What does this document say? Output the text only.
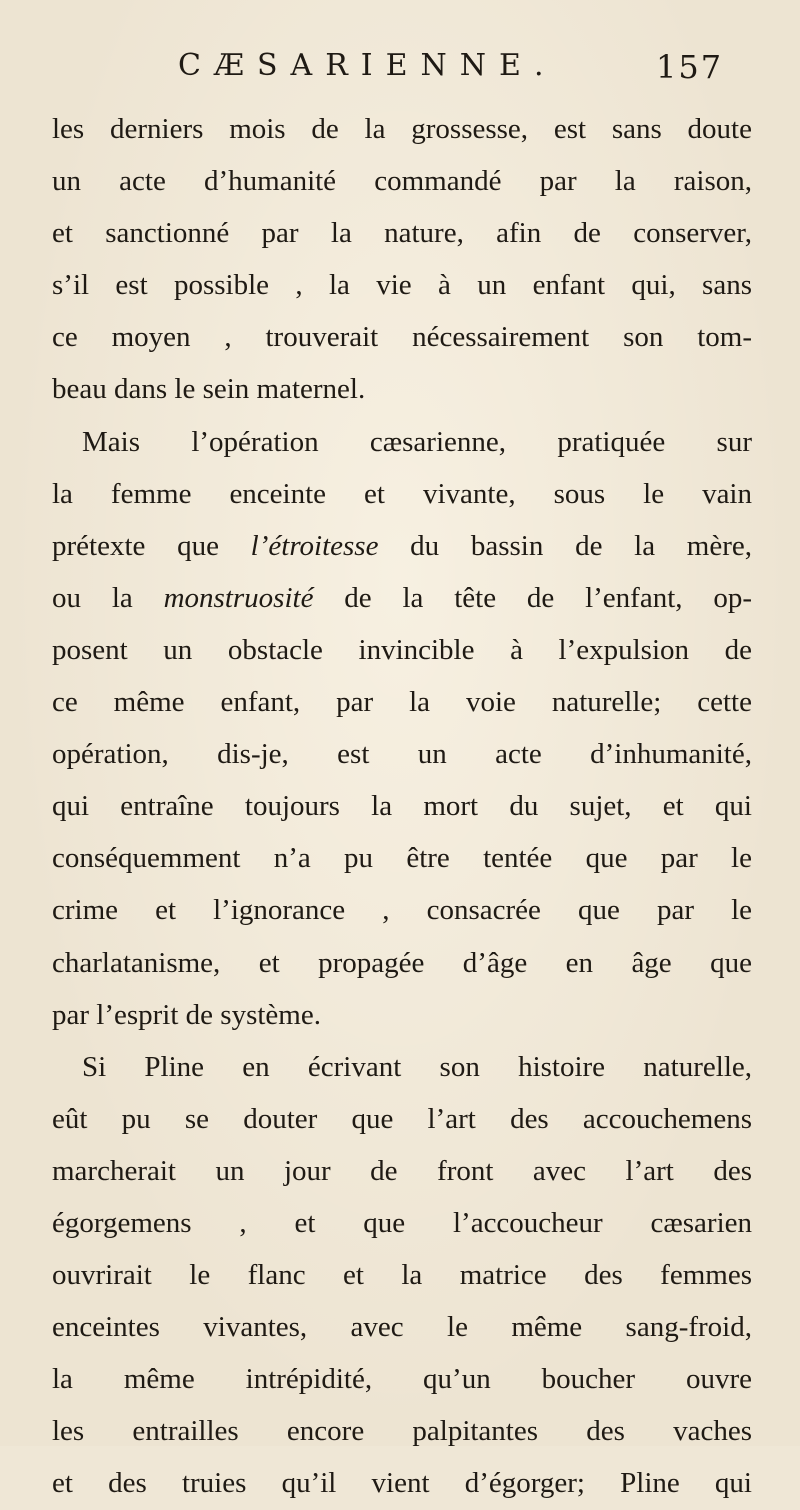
CÆSARIENNE.	157
les derniers mois de la grossesse, est sans doute
un acte d’humanité commandé par la raison,
et sanctionné par la nature, afin de conserver,
s’il est possible , la vie à un enfant qui, sans
ce moyen , trouverait nécessairement son tom-
beau dans le sein maternel.
Mais l’opération cæsarienne, pratiquée sur
la femme enceinte et vivante, sous le vain
prétexte que l’étroitesse du bassin de la mère,
ou la monstruosité de la tête de l’enfant, op-
posent un obstacle invincible à l’expulsion de
ce même enfant, par la voie naturelle; cette
opération, dis-je, est un acte d’inhumanité,
qui entraîne toujours la mort du sujet, et qui
conséquemment n’a pu être tentée que par le
crime et l’ignorance , consacrée que par le
charlatanisme, et propagée d’âge en âge que
par l’esprit de système.
Si Pline en écrivant son histoire naturelle,
eût pu se douter que l’art des accouchemens
marcherait un jour de front avec l’art des
égorgemens , et que l’accoucheur cæsarien
ouvrirait le flanc et la matrice des femmes
enceintes vivantes, avec le même sang-froid,
la même intrépidité, qu’un boucher ouvre
les entrailles encore palpitantes des vaches
et des truies qu’il vient d’égorger; Pline qui
